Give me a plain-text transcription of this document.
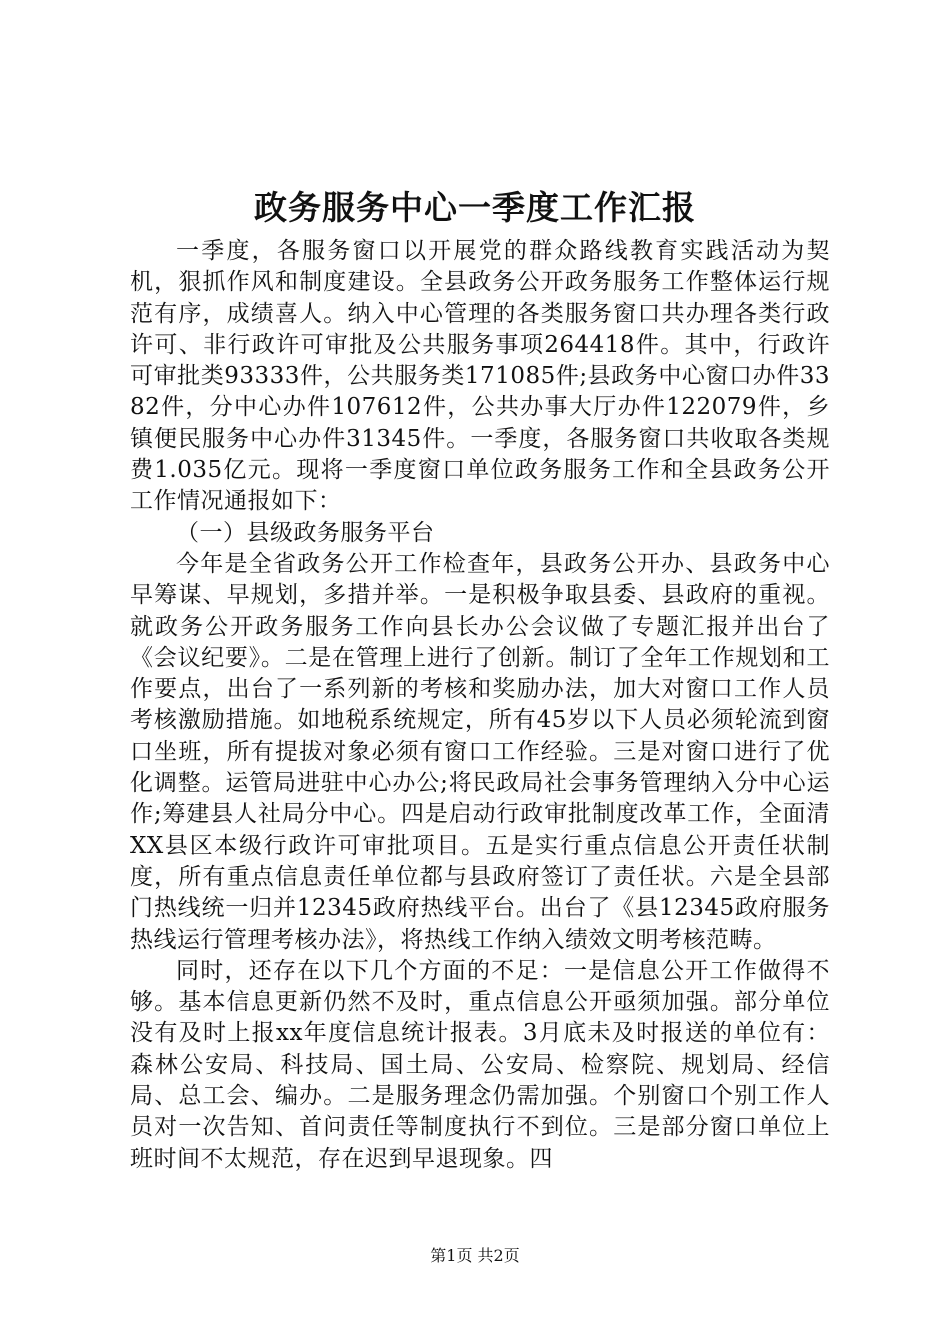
政务服务中心一季度工作汇报

一季度，各服务窗口以开展党的群众路线教育实践活动为契机，狠抓作风和制度建设。全县政务公开政务服务工作整体运行规范有序，成绩喜人。纳入中心管理的各类服务窗口共办理各类行政许可、非行政许可审批及公共服务事项264418件。其中，行政许可审批类93333件，公共服务类171085件;县政务中心窗口办件3382件，分中心办件107612件，公共办事大厅办件122079件，乡镇便民服务中心办件31345件。一季度，各服务窗口共收取各类规费1.035亿元。现将一季度窗口单位政务服务工作和全县政务公开工作情况通报如下：

（一）县级政务服务平台

今年是全省政务公开工作检查年，县政务公开办、县政务中心早筹谋、早规划，多措并举。一是积极争取县委、县政府的重视。就政务公开政务服务工作向县长办公会议做了专题汇报并出台了《会议纪要》。二是在管理上进行了创新。制订了全年工作规划和工作要点，出台了一系列新的考核和奖励办法，加大对窗口工作人员考核激励措施。如地税系统规定，所有45岁以下人员必须轮流到窗口坐班，所有提拔对象必须有窗口工作经验。三是对窗口进行了优化调整。运管局进驻中心办公;将民政局社会事务管理纳入分中心运作;筹建县人社局分中心。四是启动行政审批制度改革工作，全面清XX县区本级行政许可审批项目。五是实行重点信息公开责任状制度，所有重点信息责任单位都与县政府签订了责任状。六是全县部门热线统一归并12345政府热线平台。出台了《县12345政府服务热线运行管理考核办法》，将热线工作纳入绩效文明考核范畴。

同时，还存在以下几个方面的不足：一是信息公开工作做得不够。基本信息更新仍然不及时，重点信息公开亟须加强。部分单位没有及时上报xx年度信息统计报表。3月底未及时报送的单位有：森林公安局、科技局、国土局、公安局、检察院、规划局、经信局、总工会、编办。二是服务理念仍需加强。个别窗口个别工作人员对一次告知、首问责任等制度执行不到位。三是部分窗口单位上班时间不太规范，存在迟到早退现象。四

第1页 共2页
